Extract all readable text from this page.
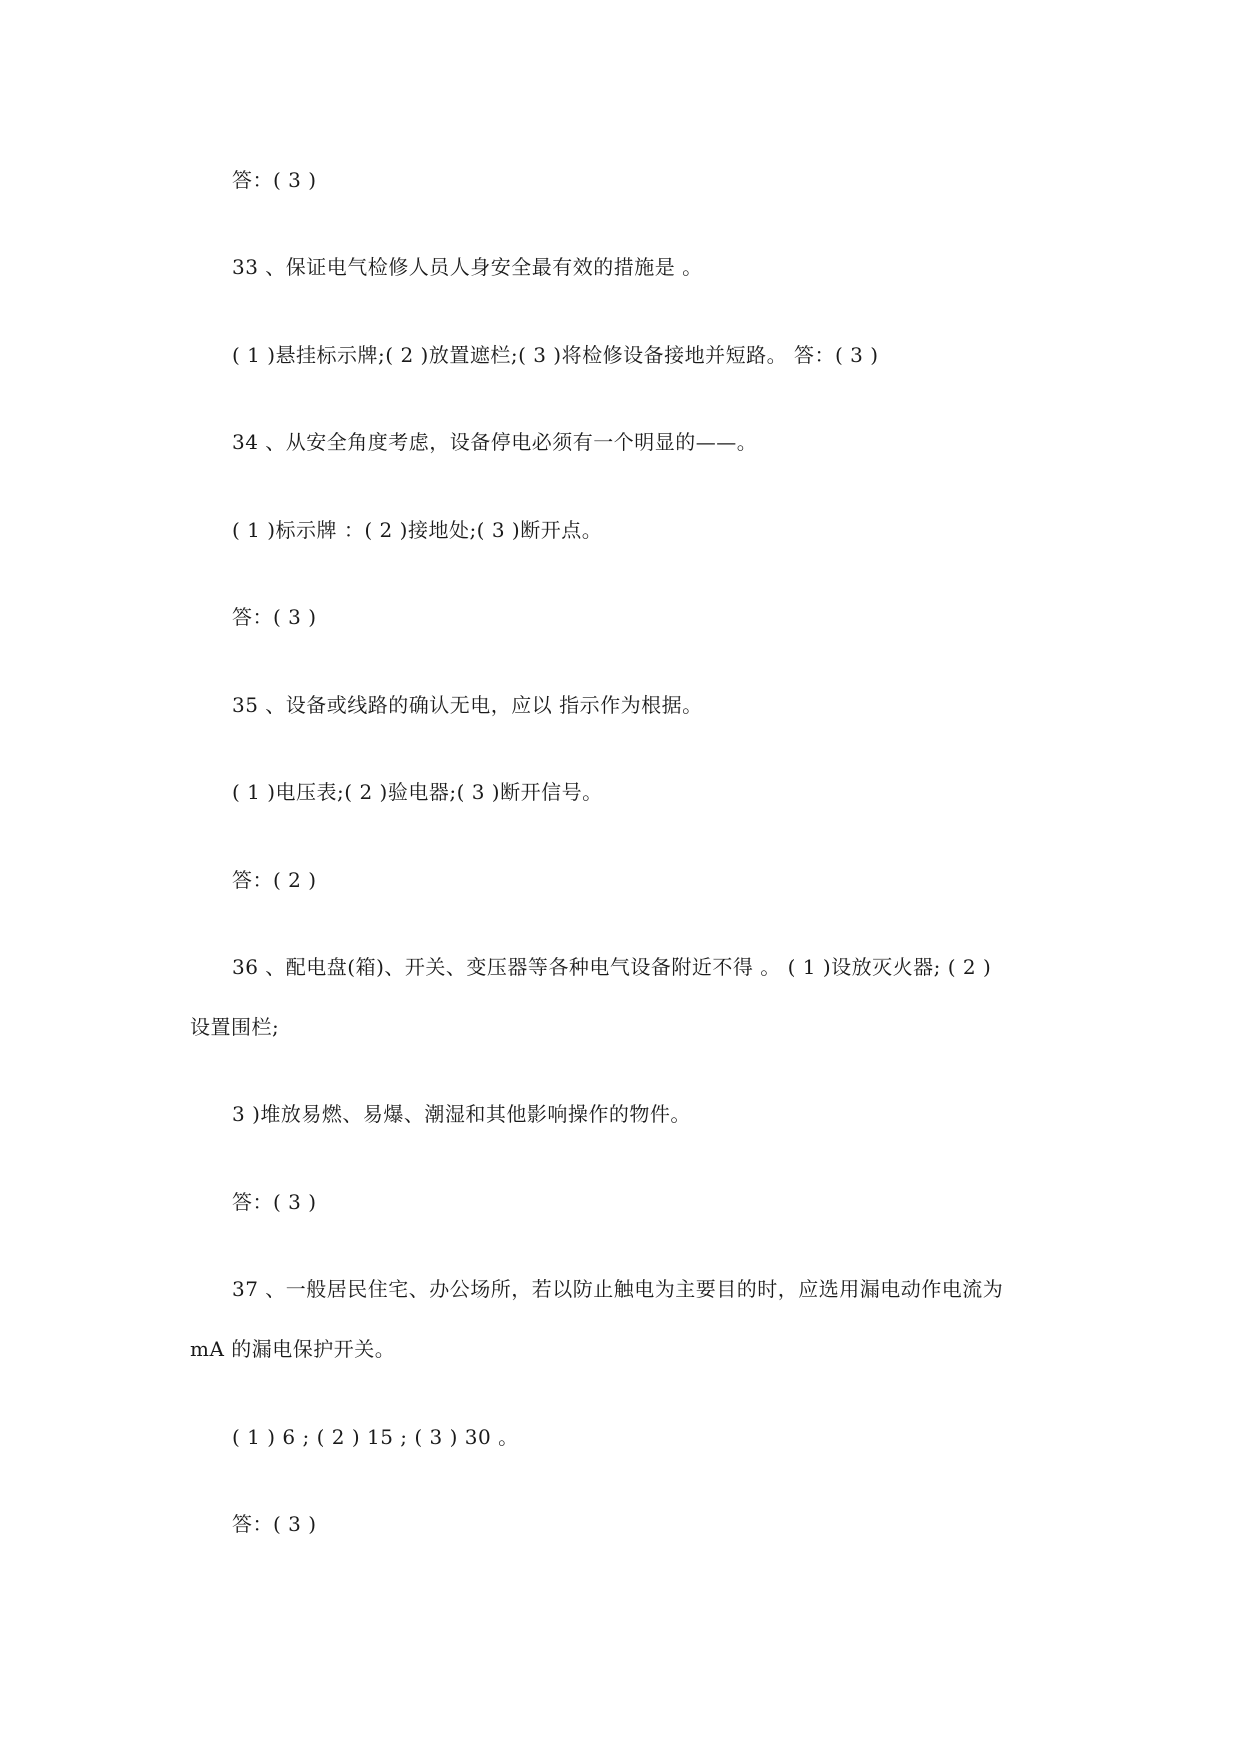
答：( 3 )
33 、保证电气检修人员人身安全最有效的措施是 。
( 1 )悬挂标示牌;( 2 )放置遮栏;( 3 )将检修设备接地并短路。 答：( 3 )
34 、从安全角度考虑，设备停电必须有一个明显的——。
( 1 )标示牌 ：( 2 )接地处;( 3 )断开点。
答：( 3 )
35 、设备或线路的确认无电，应以 指示作为根据。
( 1 )电压表;( 2 )验电器;( 3 )断开信号。
答：( 2 )
36 、配电盘(箱)、开关、变压器等各种电气设备附近不得 。 ( 1 )设放灭火器; ( 2 )
设置围栏;
3 )堆放易燃、易爆、潮湿和其他影响操作的物件。
答：( 3 )
37 、一般居民住宅、办公场所，若以防止触电为主要目的时，应选用漏电动作电流为
mA 的漏电保护开关。
( 1 ) 6 ; ( 2 ) 15 ; ( 3 ) 30 。
答：( 3 )
